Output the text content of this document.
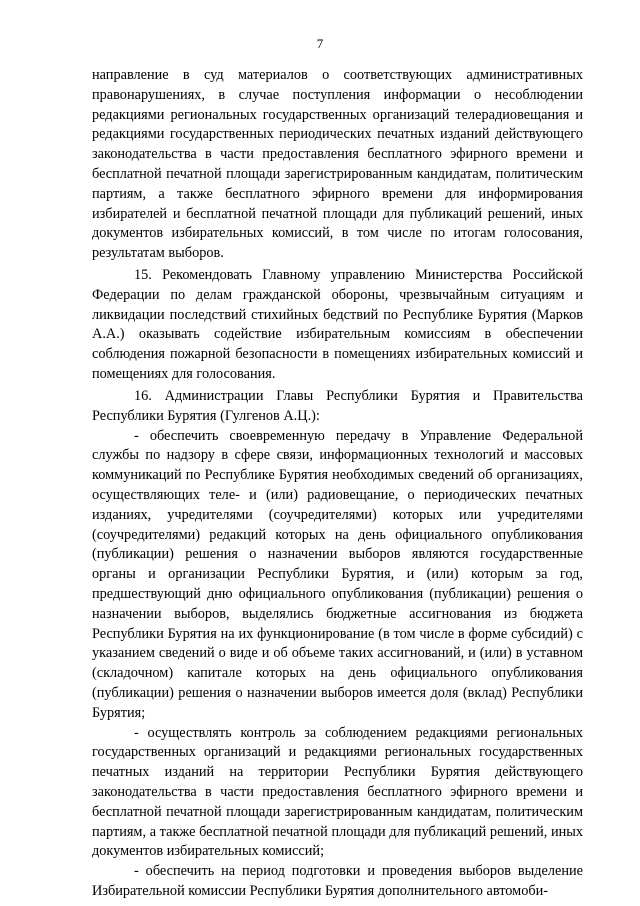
7

направление в суд материалов о соответствующих административных правонарушениях, в случае поступления информации о несоблюдении редакциями региональных государственных организаций телерадиовещания и редакциями государственных периодических печатных изданий действующего законодательства в части предоставления бесплатного эфирного времени и бесплатной печатной площади зарегистрированным кандидатам, политическим партиям, а также бесплатного эфирного времени для информирования избирателей и бесплатной печатной площади для публикаций решений, иных документов избирательных комиссий, в том числе по итогам голосования, результатам выборов.

15. Рекомендовать Главному управлению Министерства Российской Федерации по делам гражданской обороны, чрезвычайным ситуациям и ликвидации последствий стихийных бедствий по Республике Бурятия (Марков А.А.) оказывать содействие избирательным комиссиям в обеспечении соблюдения пожарной безопасности в помещениях избирательных комиссий и помещениях для голосования.

16. Администрации Главы Республики Бурятия и Правительства Республики Бурятия (Гулгенов А.Ц.):

- обеспечить своевременную передачу в Управление Федеральной службы по надзору в сфере связи, информационных технологий и массовых коммуникаций по Республике Бурятия необходимых сведений об организациях, осуществляющих теле- и (или) радиовещание, о периодических печатных изданиях, учредителями (соучредителями) которых или учредителями (соучредителями) редакций которых на день официального опубликования (публикации) решения о назначении выборов являются государственные органы и организации Республики Бурятия, и (или) которым за год, предшествующий дню официального опубликования (публикации) решения о назначении выборов, выделялись бюджетные ассигнования из бюджета Республики Бурятия на их функционирование (в том числе в форме субсидий) с указанием сведений о виде и об объеме таких ассигнований, и (или) в уставном (складочном) капитале которых на день официального опубликования (публикации) решения о назначении выборов имеется доля (вклад) Республики Бурятия;

- осуществлять контроль за соблюдением редакциями региональных государственных организаций и редакциями региональных государственных печатных изданий на территории Республики Бурятия действующего законодательства в части предоставления бесплатного эфирного времени и бесплатной печатной площади зарегистрированным кандидатам, политическим партиям, а также бесплатной печатной площади для публикаций решений, иных документов избирательных комиссий;

- обеспечить на период подготовки и проведения выборов выделение Избирательной комиссии Республики Бурятия дополнительного автомоби-
